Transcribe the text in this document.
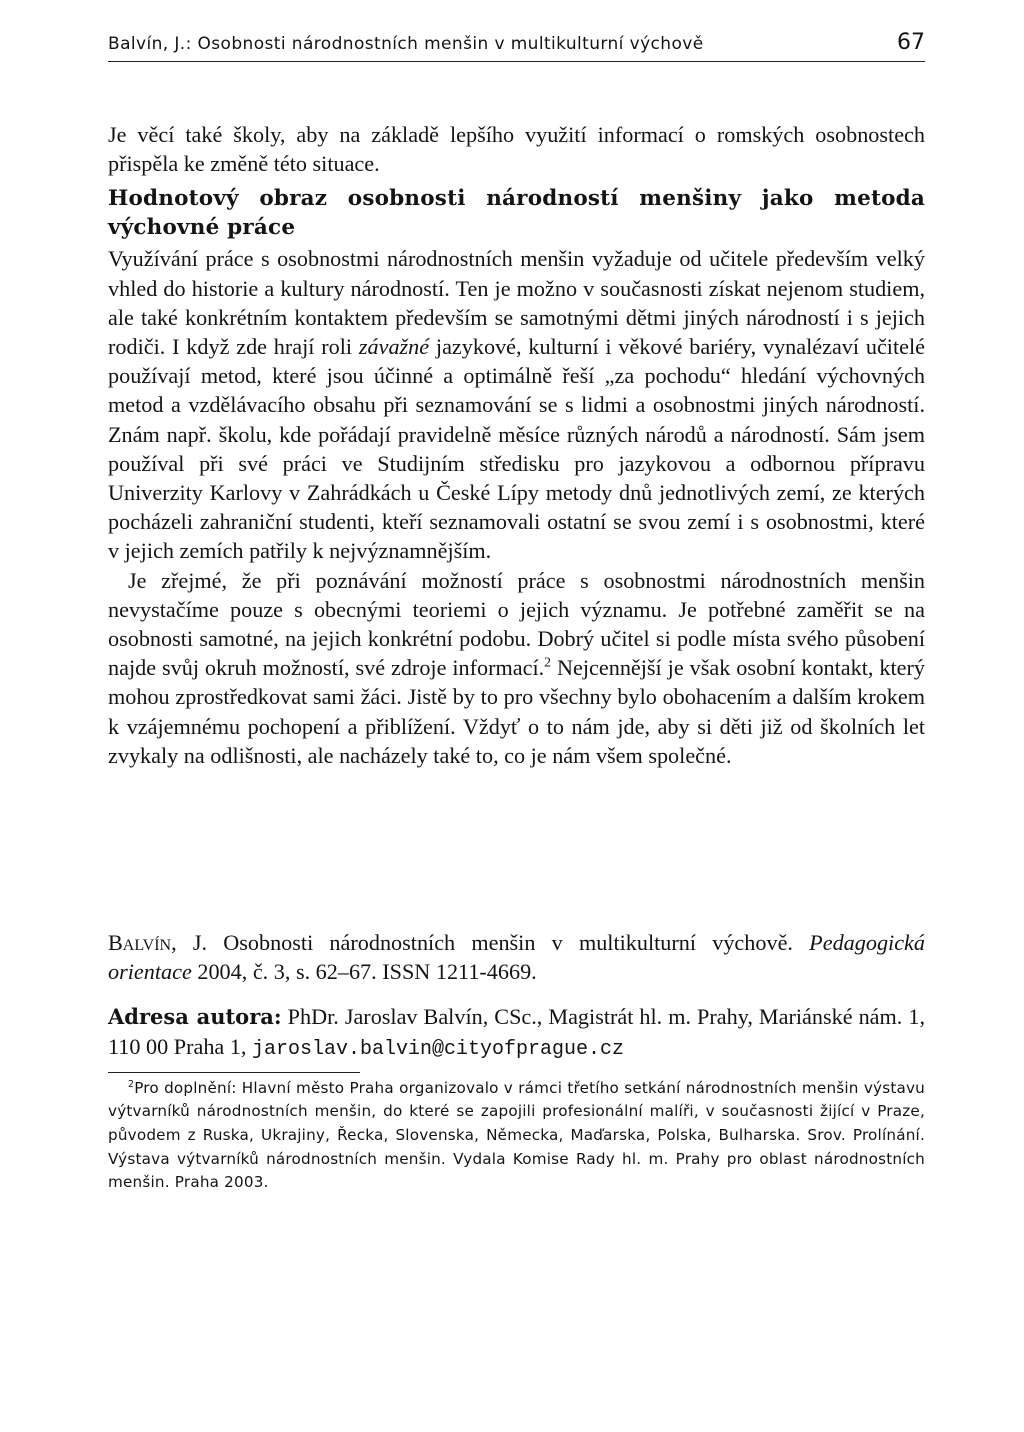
Balvín, J.: Osobnosti národnostních menšin v multikulturní výchově	67

Je věcí také školy, aby na základě lepšího využití informací o romských osobnostech přispěla ke změně této situace.

Hodnotový obraz osobnosti národností menšiny jako metoda výchovné práce

Využívání práce s osobnostmi národnostních menšin vyžaduje od učitele především velký vhled do historie a kultury národností. Ten je možno v současnosti získat nejenom studiem, ale také konkrétním kontaktem především se samotnými dětmi jiných národností i s jejich rodiči. I když zde hrají roli závažné jazykové, kulturní i věkové bariéry, vynalézaví učitelé používají metod, které jsou účinné a optimálně řeší „za pochodu“ hledání výchovných metod a vzdělávacího obsahu při seznamování se s lidmi a osobnostmi jiných národností. Znám např. školu, kde pořádají pravidelně měsíce různých národů a národností. Sám jsem používal při své práci ve Studijním středisku pro jazykovou a odbornou přípravu Univerzity Karlovy v Zahrádkách u České Lípy metody dnů jednotlivých zemí, ze kterých pocházeli zahraniční studenti, kteří seznamovali ostatní se svou zemí i s osobnostmi, které v jejich zemích patřily k nejvýznamnějším.

Je zřejmé, že při poznávání možností práce s osobnostmi národnostních menšin nevystačíme pouze s obecnými teoriemi o jejich významu. Je potřebné zaměřit se na osobnosti samotné, na jejich konkrétní podobu. Dobrý učitel si podle místa svého působení najde svůj okruh možností, své zdroje informací.$^2$ Nejcennější je však osobní kontakt, který mohou zprostředkovat sami žáci. Jistě by to pro všechny bylo obohacením a dalším krokem k vzájemnému pochopení a přiblížení. Vždyť o to nám jde, aby si děti již od školních let zvykaly na odlišnosti, ale nacházely také to, co je nám všem společné.

Balvín, J. Osobnosti národnostních menšin v multikulturní výchově. Pedagogická orientace 2004, č. 3, s. 62–67. ISSN 1211-4669.

Adresa autora: PhDr. Jaroslav Balvín, CSc., Magistrát hl. m. Prahy, Mariánské nám. 1, 110 00 Praha 1, jaroslav.balvin@cityofprague.cz

$^2$Pro doplnění: Hlavní město Praha organizovalo v rámci třetího setkání národnostních menšin výstavu výtvarníků národnostních menšin, do které se zapojili profesionální malíři, v současnosti žijící v Praze, původem z Ruska, Ukrajiny, Řecka, Slovenska, Německa, Maďarska, Polska, Bulharska. Srov. Prolínání. Výstava výtvarníků národnostních menšin. Vydala Komise Rady hl. m. Prahy pro oblast národnostních menšin. Praha 2003.
